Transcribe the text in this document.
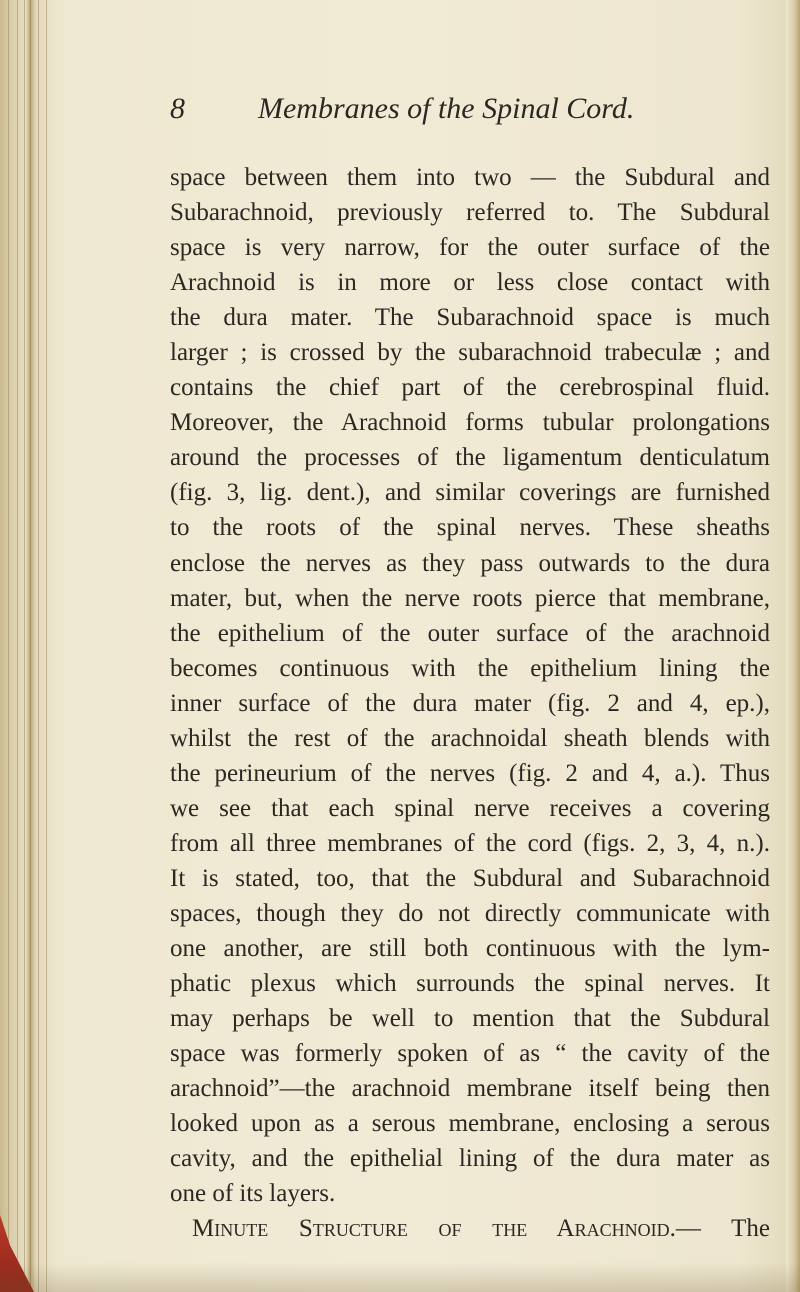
8 Membranes of the Spinal Cord.
space between them into two — the Subdural and
Subarachnoid, previously referred to. The Subdural
space is very narrow, for the outer surface of the
Arachnoid is in more or less close contact with
the dura mater. The Subarachnoid space is much
larger ; is crossed by the subarachnoid trabeculæ ; and
contains the chief part of the cerebrospinal fluid.
Moreover, the Arachnoid forms tubular prolongations
around the processes of the ligamentum denticulatum
(fig. 3, lig. dent.), and similar coverings are furnished
to the roots of the spinal nerves. These sheaths
enclose the nerves as they pass outwards to the dura
mater, but, when the nerve roots pierce that membrane,
the epithelium of the outer surface of the arachnoid
becomes continuous with the epithelium lining the
inner surface of the dura mater (fig. 2 and 4, ep.),
whilst the rest of the arachnoidal sheath blends with
the perineurium of the nerves (fig. 2 and 4, a.). Thus
we see that each spinal nerve receives a covering
from all three membranes of the cord (figs. 2, 3, 4, n.).
It is stated, too, that the Subdural and Subarachnoid
spaces, though they do not directly communicate with
one another, are still both continuous with the lym-
phatic plexus which surrounds the spinal nerves. It
may perhaps be well to mention that the Subdural
space was formerly spoken of as “ the cavity of the
arachnoid”—the arachnoid membrane itself being then
looked upon as a serous membrane, enclosing a serous
cavity, and the epithelial lining of the dura mater as
one of its layers.
Minute Structure of the Arachnoid.— The
